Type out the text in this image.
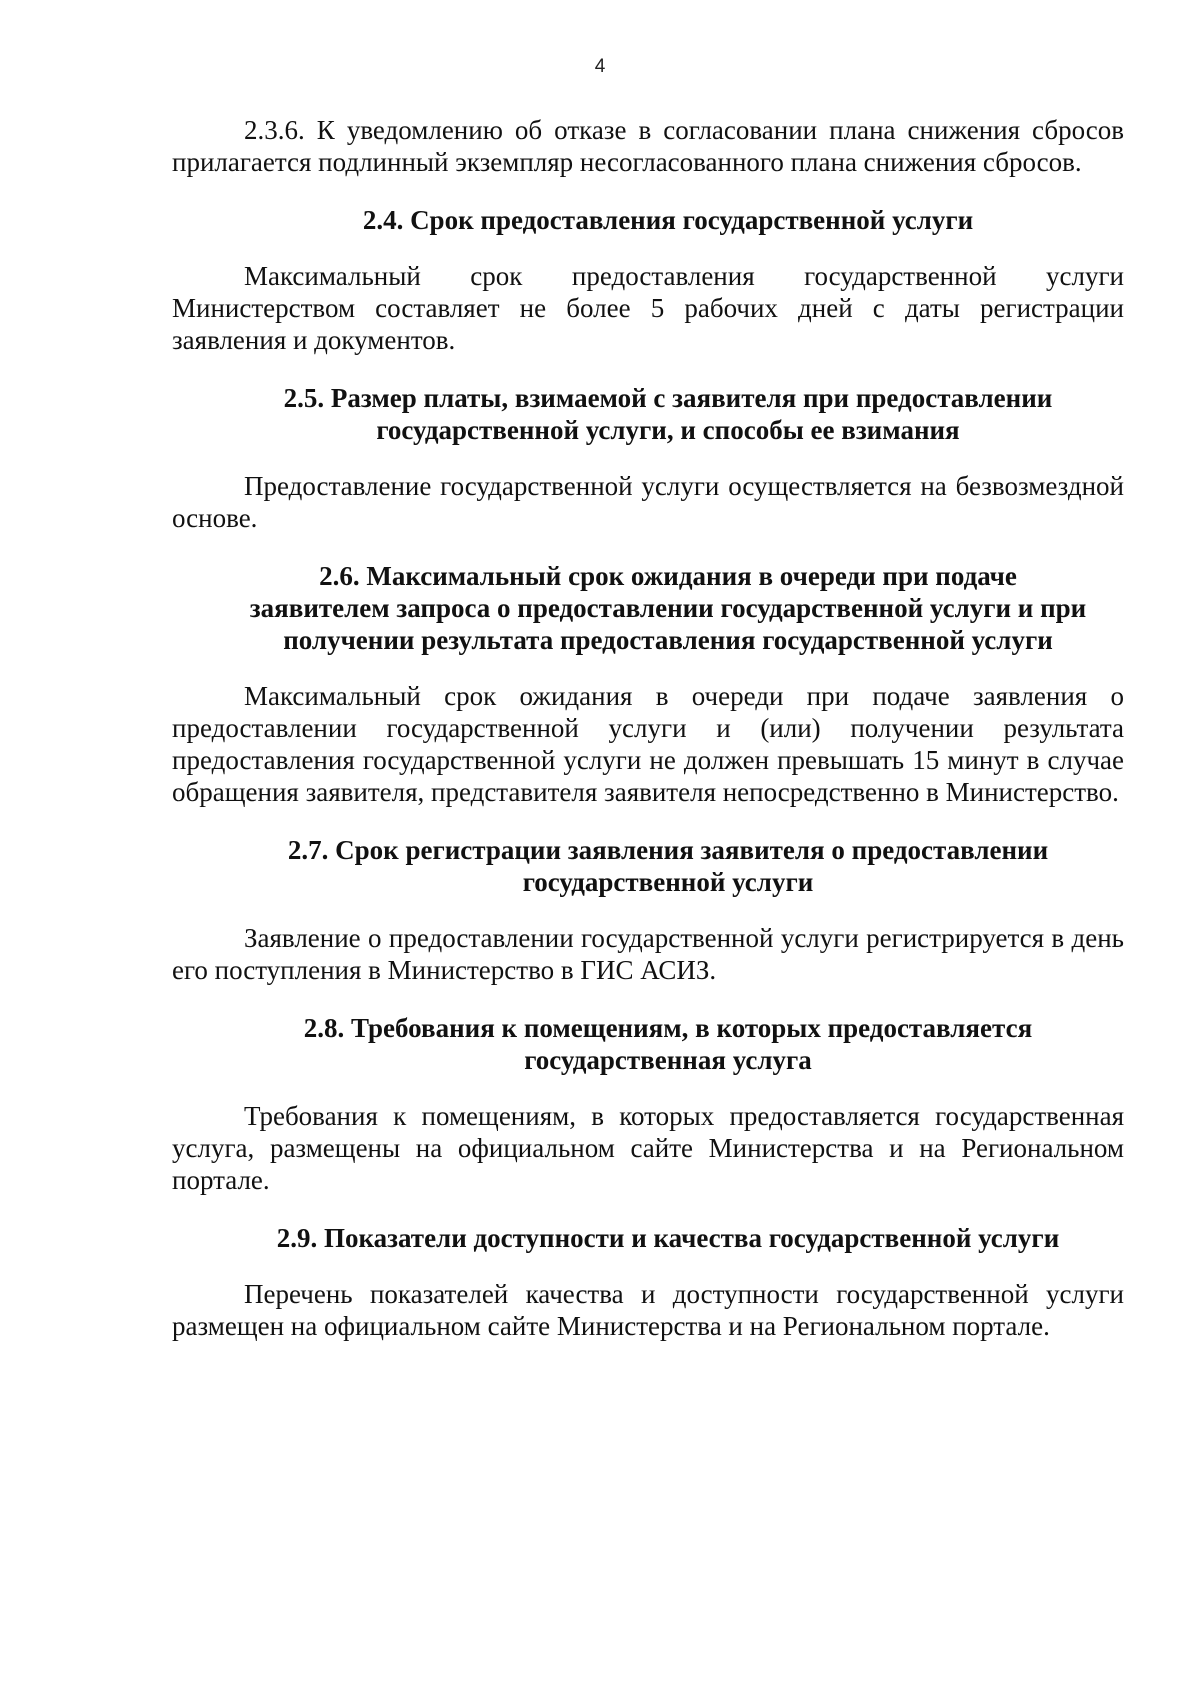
4

2.3.6. К уведомлению об отказе в согласовании плана снижения сбросов прилагается подлинный экземпляр несогласованного плана снижения сбросов.

2.4. Срок предоставления государственной услуги

Максимальный срок предоставления государственной услуги Министерством составляет не более 5 рабочих дней с даты регистрации заявления и документов.

2.5. Размер платы, взимаемой с заявителя при предоставлении
государственной услуги, и способы ее взимания

Предоставление государственной услуги осуществляется на безвозмездной основе.

2.6. Максимальный срок ожидания в очереди при подаче
заявителем запроса о предоставлении государственной услуги и при
получении результата предоставления государственной услуги

Максимальный срок ожидания в очереди при подаче заявления о предоставлении государственной услуги и (или) получении результата предоставления государственной услуги не должен превышать 15 минут в случае обращения заявителя, представителя заявителя непосредственно в Министерство.

2.7. Срок регистрации заявления заявителя о предоставлении
государственной услуги

Заявление о предоставлении государственной услуги регистрируется в день его поступления в Министерство в ГИС АСИЗ.

2.8. Требования к помещениям, в которых предоставляется
государственная услуга

Требования к помещениям, в которых предоставляется государственная услуга, размещены на официальном сайте Министерства и на Региональном портале.

2.9. Показатели доступности и качества государственной услуги

Перечень показателей качества и доступности государственной услуги размещен на официальном сайте Министерства и на Региональном портале.
